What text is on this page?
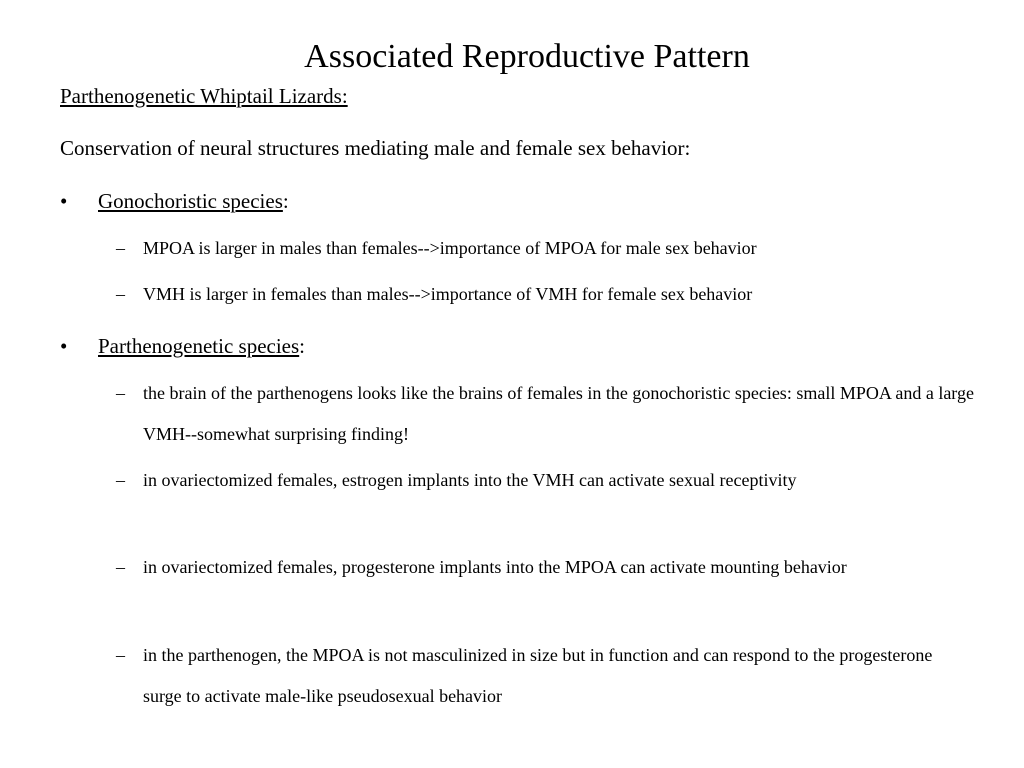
Associated Reproductive Pattern
Parthenogenetic Whiptail Lizards:
Conservation of neural structures mediating male and female sex behavior:
• Gonochoristic species:
– MPOA is larger in males than females-->importance of MPOA for male sex behavior
– VMH is larger in females than males-->importance of VMH for female sex behavior
• Parthenogenetic species:
– the brain of the parthenogens looks like the brains of females in the gonochoristic species: small MPOA and a large VMH--somewhat surprising finding!
– in ovariectomized females, estrogen implants into the VMH can activate sexual receptivity
– in ovariectomized females, progesterone implants into the MPOA can activate mounting behavior
– in the parthenogen, the MPOA is not masculinized in size but in function and can respond to the progesterone surge to activate male-like pseudosexual behavior
